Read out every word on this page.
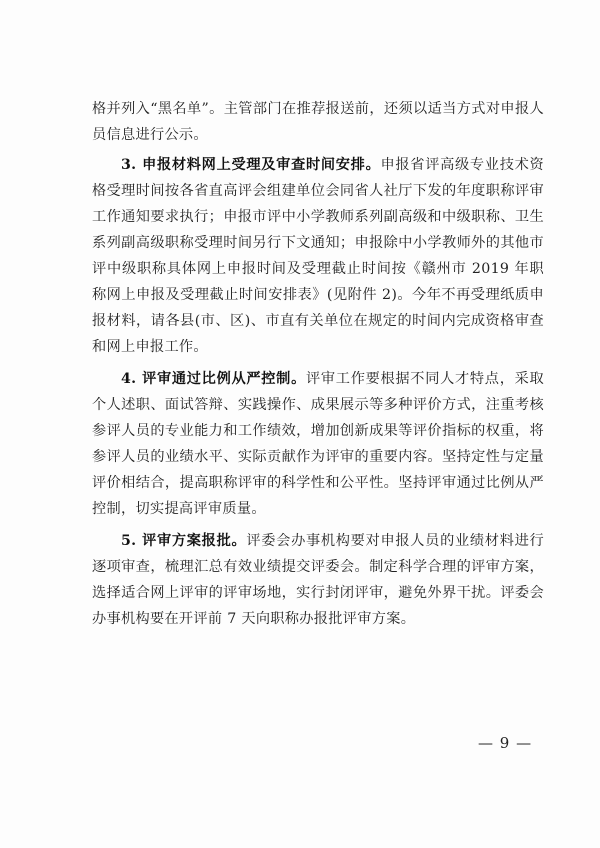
格并列入“黑名单”。主管部门在推荐报送前，还须以适当方式对申报人员信息进行公示。

3. 申报材料网上受理及审查时间安排。申报省评高级专业技术资格受理时间按各省直高评会组建单位会同省人社厅下发的年度职称评审工作通知要求执行；申报市评中小学教师系列副高级和中级职称、卫生系列副高级职称受理时间另行下文通知；申报除中小学教师外的其他市评中级职称具体网上申报时间及受理截止时间按《赣州市 2019 年职称网上申报及受理截止时间安排表》(见附件 2)。今年不再受理纸质申报材料，请各县(市、区)、市直有关单位在规定的时间内完成资格审查和网上申报工作。

4. 评审通过比例从严控制。评审工作要根据不同人才特点，采取个人述职、面试答辩、实践操作、成果展示等多种评价方式，注重考核参评人员的专业能力和工作绩效，增加创新成果等评价指标的权重，将参评人员的业绩水平、实际贡献作为评审的重要内容。坚持定性与定量评价相结合，提高职称评审的科学性和公平性。坚持评审通过比例从严控制，切实提高评审质量。

5. 评审方案报批。评委会办事机构要对申报人员的业绩材料进行逐项审查，梳理汇总有效业绩提交评委会。制定科学合理的评审方案，选择适合网上评审的评审场地，实行封闭评审，避免外界干扰。评委会办事机构要在开评前 7 天向职称办报批评审方案。

— 9 —
